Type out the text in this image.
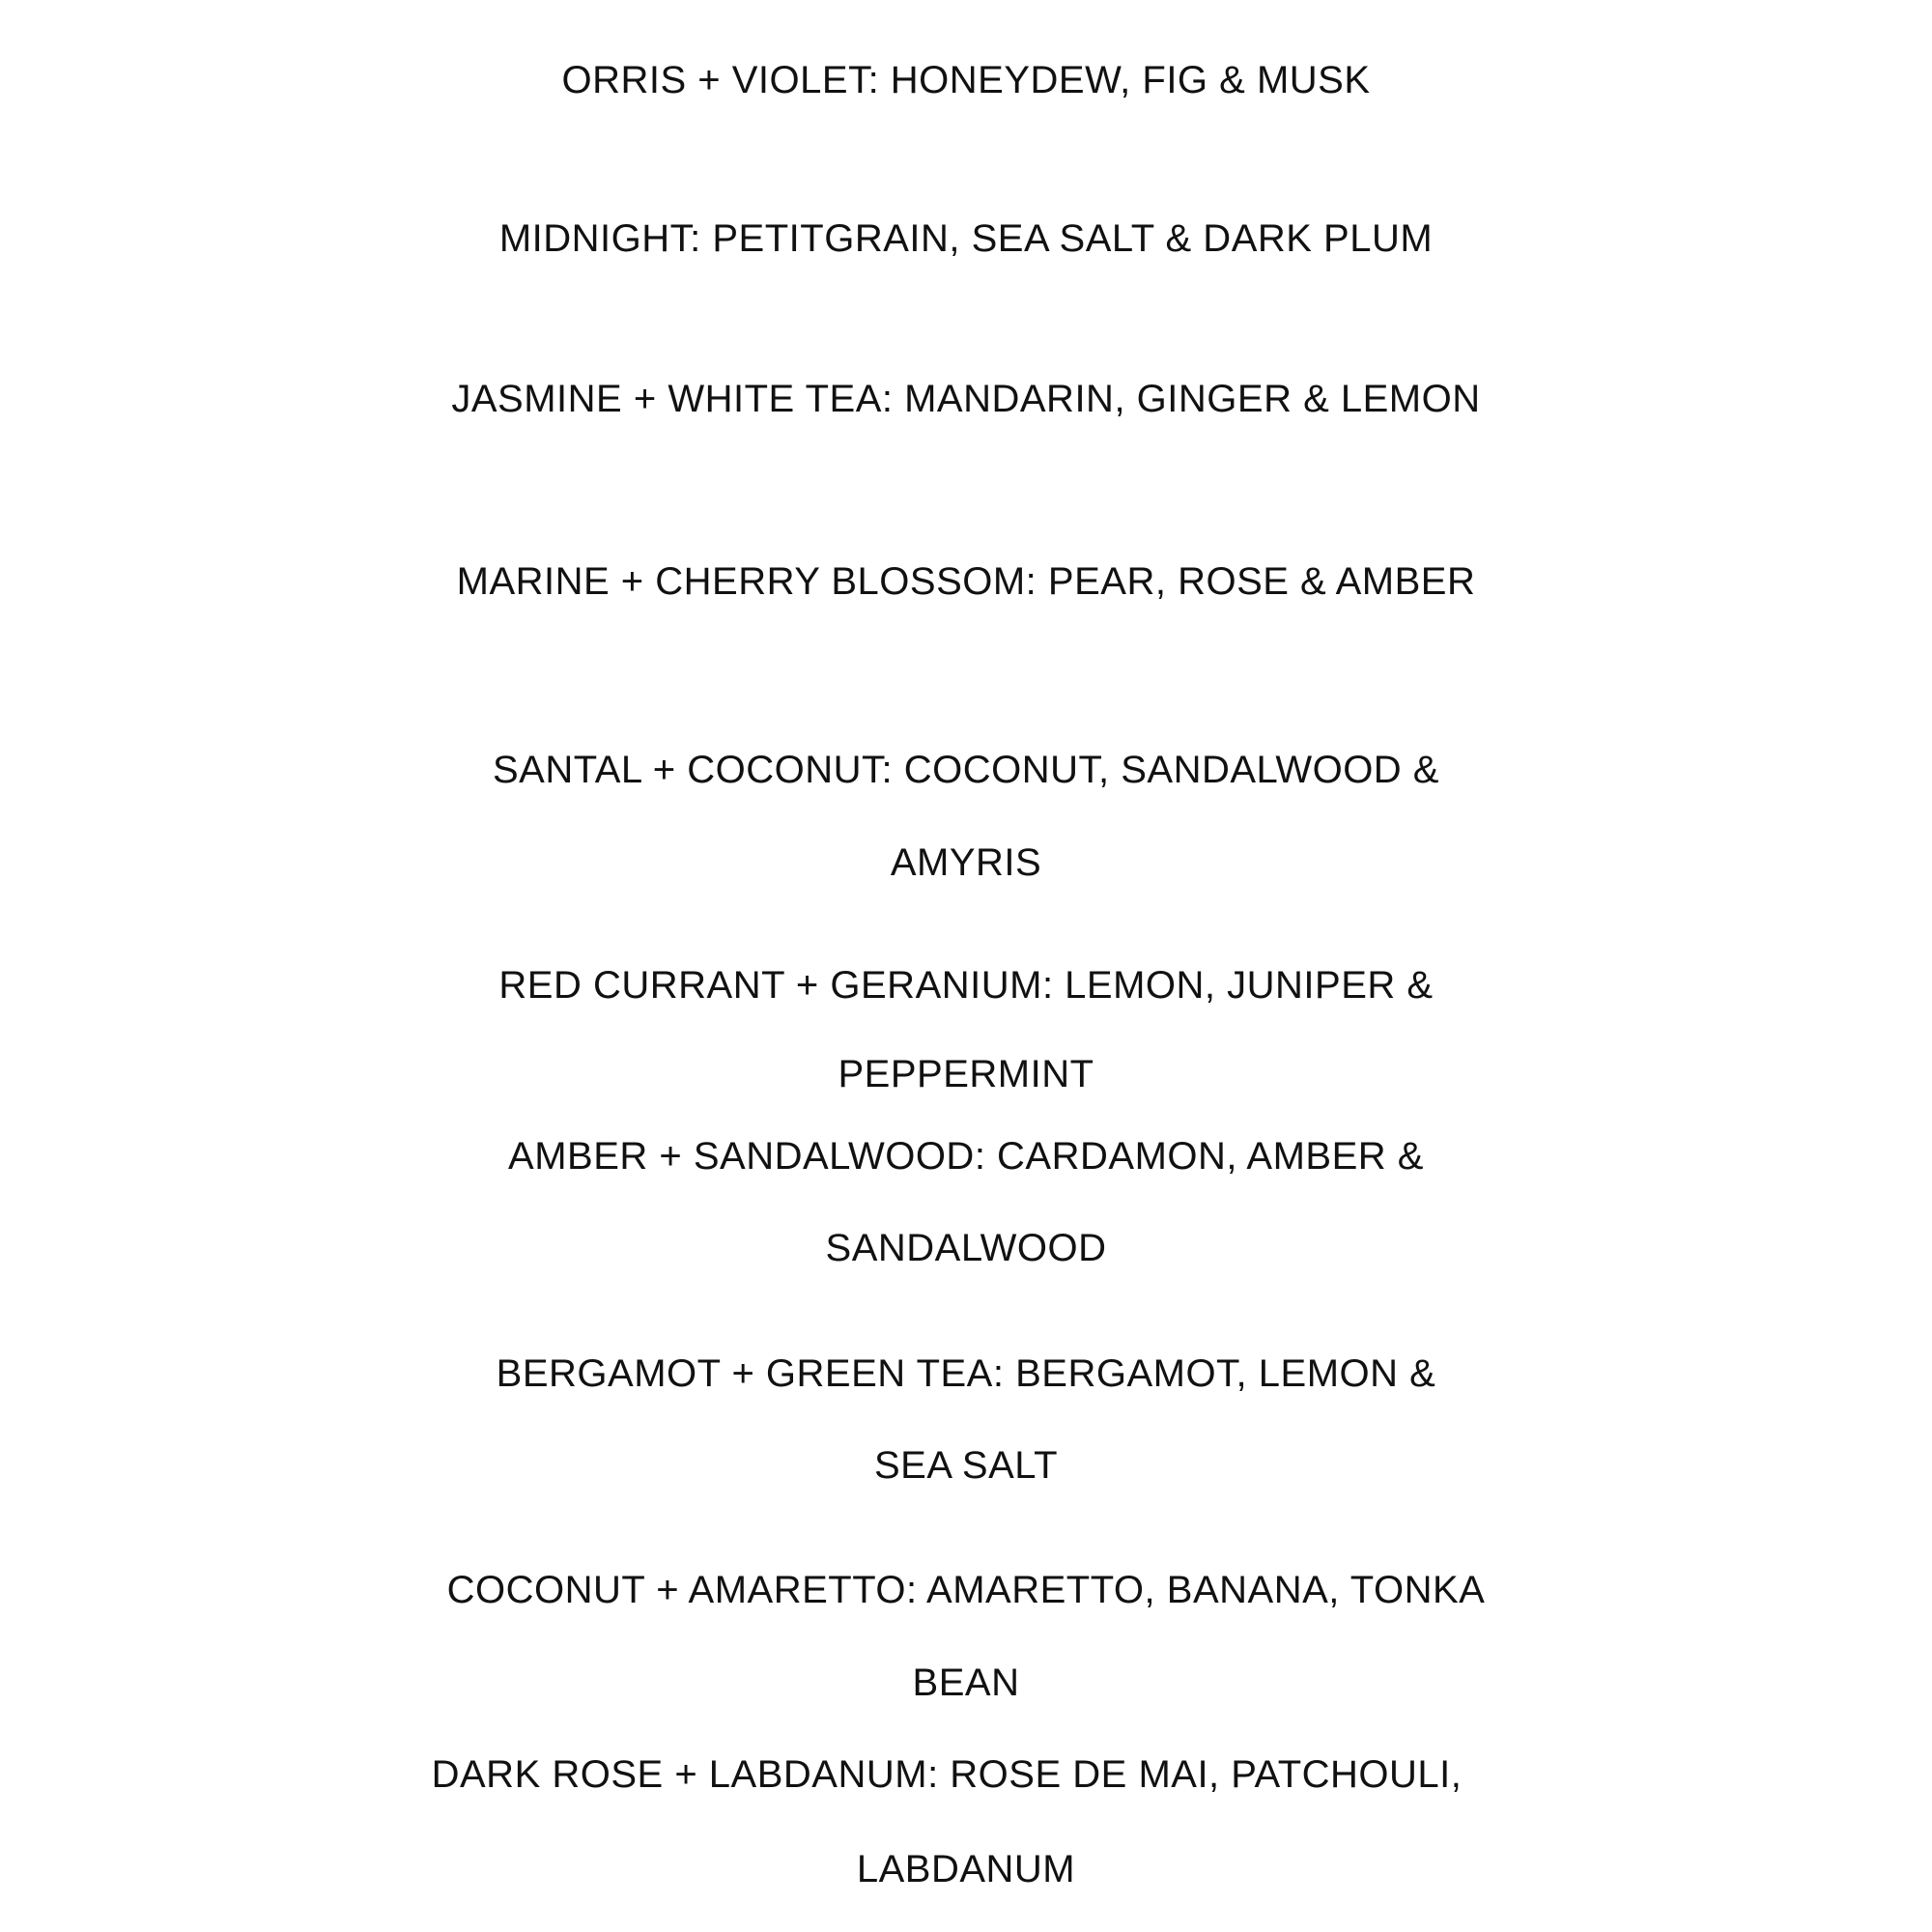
ORRIS + VIOLET: HONEYDEW, FIG & MUSK
MIDNIGHT: PETITGRAIN, SEA SALT & DARK PLUM
JASMINE + WHITE TEA: MANDARIN, GINGER & LEMON
MARINE + CHERRY BLOSSOM: PEAR, ROSE & AMBER
SANTAL + COCONUT: COCONUT, SANDALWOOD &
AMYRIS
RED CURRANT + GERANIUM: LEMON, JUNIPER &
PEPPERMINT
AMBER + SANDALWOOD: CARDAMON, AMBER &
SANDALWOOD
BERGAMOT + GREEN TEA: BERGAMOT, LEMON &
SEA SALT
COCONUT + AMARETTO: AMARETTO, BANANA, TONKA
BEAN
DARK ROSE + LABDANUM: ROSE DE MAI, PATCHOULI,
LABDANUM
